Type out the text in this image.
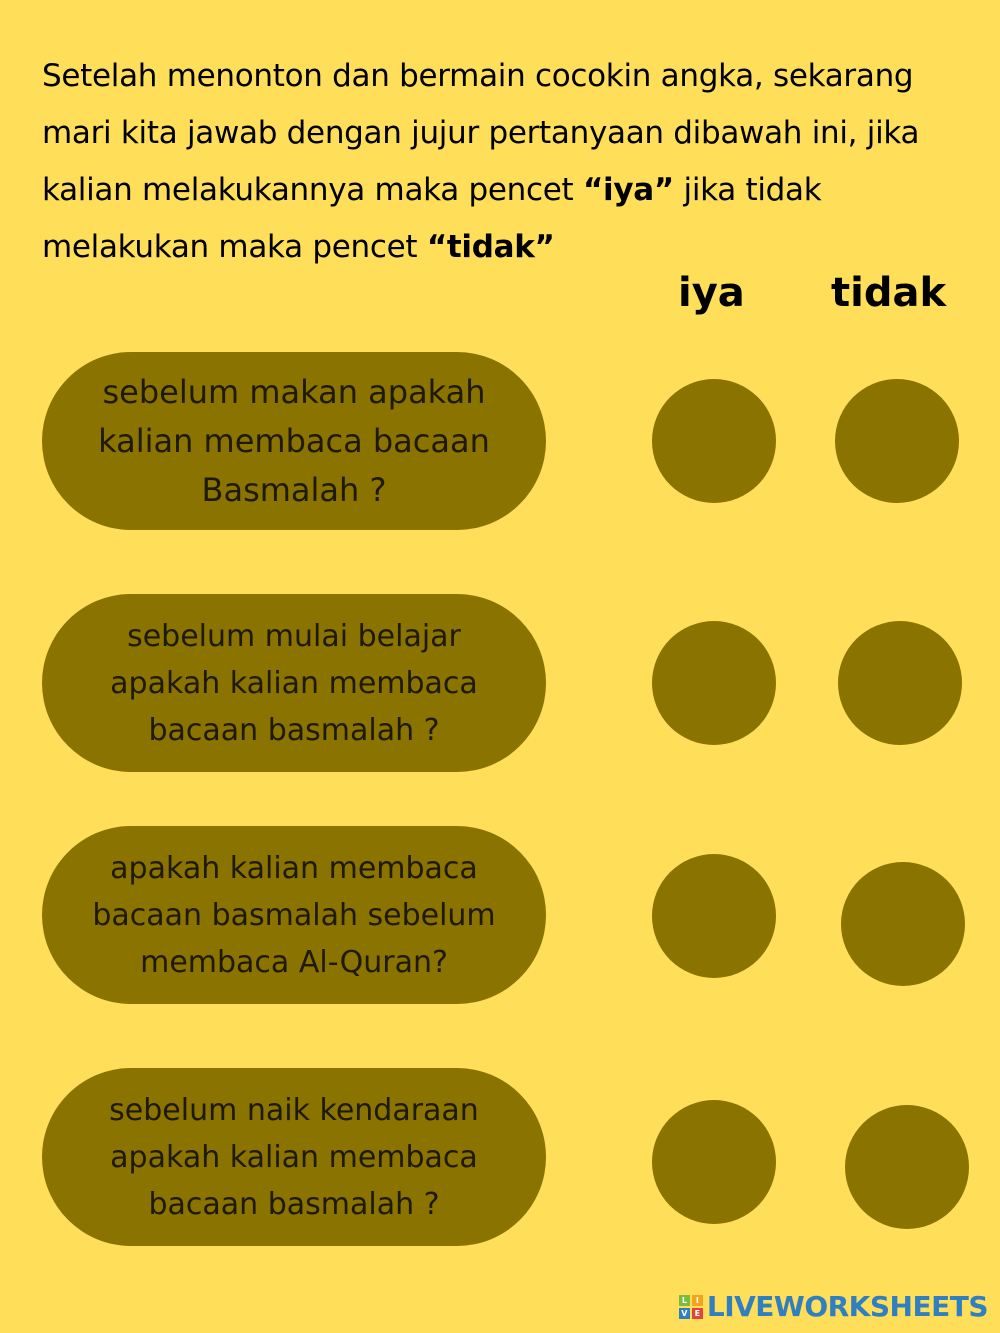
Setelah menonton dan bermain cocokin angka, sekarang mari kita jawab dengan jujur pertanyaan dibawah ini, jika kalian melakukannya maka pencet “iya” jika tidak melakukan maka pencet “tidak”
iya tidak
sebelum makan apakah kalian membaca bacaan Basmalah ?
sebelum mulai belajar apakah kalian membaca bacaan basmalah ?
apakah kalian membaca bacaan basmalah sebelum membaca Al-Quran?
sebelum naik kendaraan apakah kalian membaca bacaan basmalah ?
L	I
V E LIVEWORKSHEETS
